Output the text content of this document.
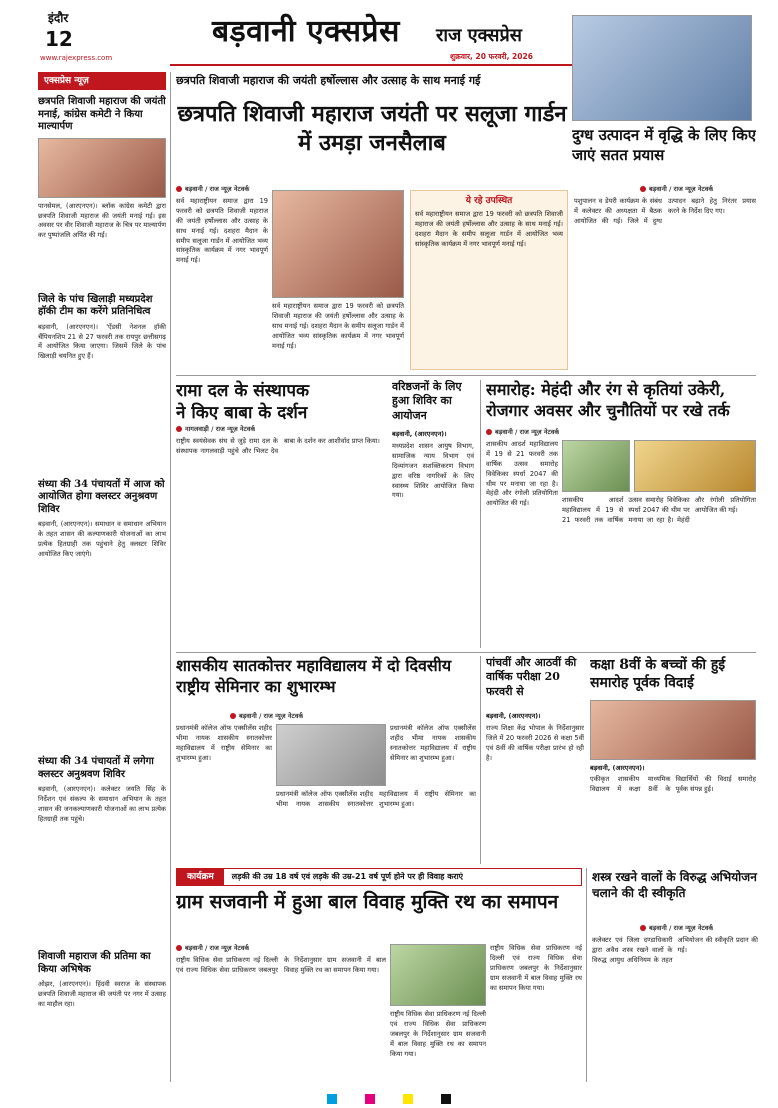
इंदौर
12
www.rajexpress.com
बड़वानी एक्सप्रेस राज एक्सप्रेस
शुक्रवार, 20 फरवरी, 2026
एक्सप्रेस न्यूज़
छत्रपति शिवाजी महाराज की जयंती मनाई, कांग्रेस कमेटी ने किया माल्यार्पण
पानसेमल, (आरएनएन)। ब्लॉक कांग्रेस कमेटी द्वारा छत्रपति शिवाजी महाराज की जयंती मनाई गई। इस अवसर पर वीर शिवाजी महाराज के चित्र पर माल्यार्पण कर पुष्पांजलि अर्पित की गई।
जिले के पांच खिलाड़ी मध्यप्रदेश हॉकी टीम का करेंगे प्रतिनिधित्व
बड़वानी, (आरएनएन)। 'ऐंडसी नेशनल हॉकी चैंपियनशिप 21 से 27 फरवरी तक रायपुर छत्तीसगढ़ में आयोजित किया जाएगा। जिसमें जिले के पांच खिलाड़ी चयनित हुए हैं।
संध्या की 34 पंचायतों में आज को आयोजित होगा क्लस्टर अनुश्रवण शिविर
बड़वानी, (आरएनएन)। समाधान व समाधान अभियान के तहत शासन की कल्याणकारी योजनाओं का लाभ प्रत्येक हितग्राही तक पहुंचाने हेतु क्लस्टर शिविर आयोजित किए जाएंगे।
संध्या की 34 पंचायतों में लगेगा क्लस्टर अनुश्रवण शिविर
बड़वानी, (आरएनएन)। कलेक्टर जयति सिंह के निर्देशन एवं संकल्प के समाधान अभियान के तहत शासन की जनकल्याणकारी योजनाओं का लाभ प्रत्येक हितग्राही तक पहुंचे।
शिवाजी महाराज की प्रतिमा का किया अभिषेक
ओझर, (आरएनएन)। हिंदवी स्वराज के संस्थापक छत्रपति शिवाजी महाराज की जयंती पर नगर में उत्साह का माहौल रहा।
छत्रपति शिवाजी महाराज की जयंती हर्षोल्लास और उत्साह के साथ मनाई गई
छत्रपति शिवाजी महाराज जयंती पर सलूजा गार्डन में उमड़ा जनसैलाब
बड़वानी / राज न्यूज़ नेटवर्क
सर्व महाराष्ट्रीयन समाज द्वारा 19 फरवरी को छत्रपति शिवाजी महाराज की जयंती हर्षोल्लास और उत्साह के साथ मनाई गई। दशहरा मैदान के समीप सलूजा गार्डन में आयोजित भव्य सांस्कृतिक कार्यक्रम में नगर भावपूर्ण मनाई गई।
सर्व महाराष्ट्रीयन समाज द्वारा 19 फरवरी को छत्रपति शिवाजी महाराज की जयंती हर्षोल्लास और उत्साह के साथ मनाई गई। दशहरा मैदान के समीप सलूजा गार्डन में आयोजित भव्य सांस्कृतिक कार्यक्रम में नगर भावपूर्ण मनाई गई।
ये रहे उपस्थित
सर्व महाराष्ट्रीयन समाज द्वारा 19 फरवरी को छत्रपति शिवाजी महाराज की जयंती हर्षोल्लास और उत्साह के साथ मनाई गई। दशहरा मैदान के समीप सलूजा गार्डन में आयोजित भव्य सांस्कृतिक कार्यक्रम में नगर भावपूर्ण मनाई गई।
दुग्ध उत्पादन में वृद्धि के लिए किए जाएं सतत प्रयास
बड़वानी / राज न्यूज़ नेटवर्क
पशुपालन व डेयरी कार्यक्रम के संबंध में कलेक्टर की अध्यक्षता में बैठक आयोजित की गई। जिले में दुग्ध उत्पादन बढ़ाने हेतु निरंतर प्रयास करने के निर्देश दिए गए।
रामा दल के संस्थापक ने किए बाबा के दर्शन
नागलवाड़ी / राज न्यूज़ नेटवर्क
राष्ट्रीय स्वयंसेवक संघ से जुड़े रामा दल के संस्थापक नागलवाड़ी पहुंचे और भिलट देव बाबा के दर्शन कर आशीर्वाद प्राप्त किया।
वरिष्ठजनों के लिए हुआ शिविर का आयोजन
बड़वानी, (आरएनएन)।
मध्यप्रदेश शासन आयुष विभाग, सामाजिक न्याय विभाग एवं दिव्यांगजन सशक्तिकरण विभाग द्वारा वरिष्ठ नागरिकों के लिए स्वास्थ्य शिविर आयोजित किया गया।
समारोह: मेहंदी और रंग से कृतियां उकेरी, रोजगार अवसर और चुनौतियों पर रखे तर्क
बड़वानी / राज न्यूज़ नेटवर्क
शासकीय आदर्श महाविद्यालय में 19 से 21 फरवरी तक वार्षिक उत्सव समारोह विवेकिका स्पर्धा 2047 की थीम पर मनाया जा रहा है। मेहंदी और रंगोली प्रतियोगिता आयोजित की गई।	शासकीय आदर्श महाविद्यालय में 19 से 21 फरवरी तक वार्षिक उत्सव समारोह विवेकिका स्पर्धा 2047 की थीम पर मनाया जा रहा है। मेहंदी और रंगोली प्रतियोगिता आयोजित की गई।
शासकीय सातकोत्तर महाविद्यालय में दो दिवसीय राष्ट्रीय सेमिनार का शुभारम्भ
बड़वानी / राज न्यूज़ नेटवर्क
प्रधानमंत्री कॉलेज ऑफ एक्सीलेंस शहीद भीमा नायक शासकीय स्नातकोत्तर महाविद्यालय में राष्ट्रीय सेमिनार का शुभारम्भ हुआ।
प्रधानमंत्री कॉलेज ऑफ एक्सीलेंस शहीद भीमा नायक शासकीय स्नातकोत्तर महाविद्यालय में राष्ट्रीय सेमिनार का शुभारम्भ हुआ।
प्रधानमंत्री कॉलेज ऑफ एक्सीलेंस शहीद भीमा नायक शासकीय स्नातकोत्तर महाविद्यालय में राष्ट्रीय सेमिनार का शुभारम्भ हुआ।
पांचवीं और आठवीं की वार्षिक परीक्षा 20 फरवरी से
बड़वानी, (आरएनएन)।
राज्य शिक्षा केंद्र भोपाल के निर्देशानुसार जिले में 20 फरवरी 2026 से कक्षा 5वीं एवं 8वीं की वार्षिक परीक्षा प्रारंभ हो रही है।
कक्षा 8वीं के बच्चों की हुई समारोह पूर्वक विदाई
बड़वानी, (आरएनएन)।
एकीकृत शासकीय माध्यमिक विद्यालय में कक्षा 8वीं के विद्यार्थियों की विदाई समारोह पूर्वक संपन्न हुई।
कार्यक्रम	लड़की की उम्र 18 वर्ष एवं लड़के की उम्र-21 वर्ष पूर्ण होने पर ही विवाह कराएं
ग्राम सजवानी में हुआ बाल विवाह मुक्ति रथ का समापन
बड़वानी / राज न्यूज़ नेटवर्क
राष्ट्रीय विधिक सेवा प्राधिकरण नई दिल्ली एवं राज्य विधिक सेवा प्राधिकरण जबलपुर के निर्देशानुसार ग्राम सजवानी में बाल विवाह मुक्ति रथ का समापन किया गया।
राष्ट्रीय विधिक सेवा प्राधिकरण नई दिल्ली एवं राज्य विधिक सेवा प्राधिकरण जबलपुर के निर्देशानुसार ग्राम सजवानी में बाल विवाह मुक्ति रथ का समापन किया गया।
राष्ट्रीय विधिक सेवा प्राधिकरण नई दिल्ली एवं राज्य विधिक सेवा प्राधिकरण जबलपुर के निर्देशानुसार ग्राम सजवानी में बाल विवाह मुक्ति रथ का समापन किया गया।
शस्त्र रखने वालों के विरुद्ध अभियोजन चलाने की दी स्वीकृति
बड़वानी / राज न्यूज़ नेटवर्क
कलेक्टर एवं जिला दण्डाधिकारी द्वारा अवैध शस्त्र रखने वालों के विरुद्ध आयुध अधिनियम के तहत अभियोजन की स्वीकृति प्रदान की गई।
